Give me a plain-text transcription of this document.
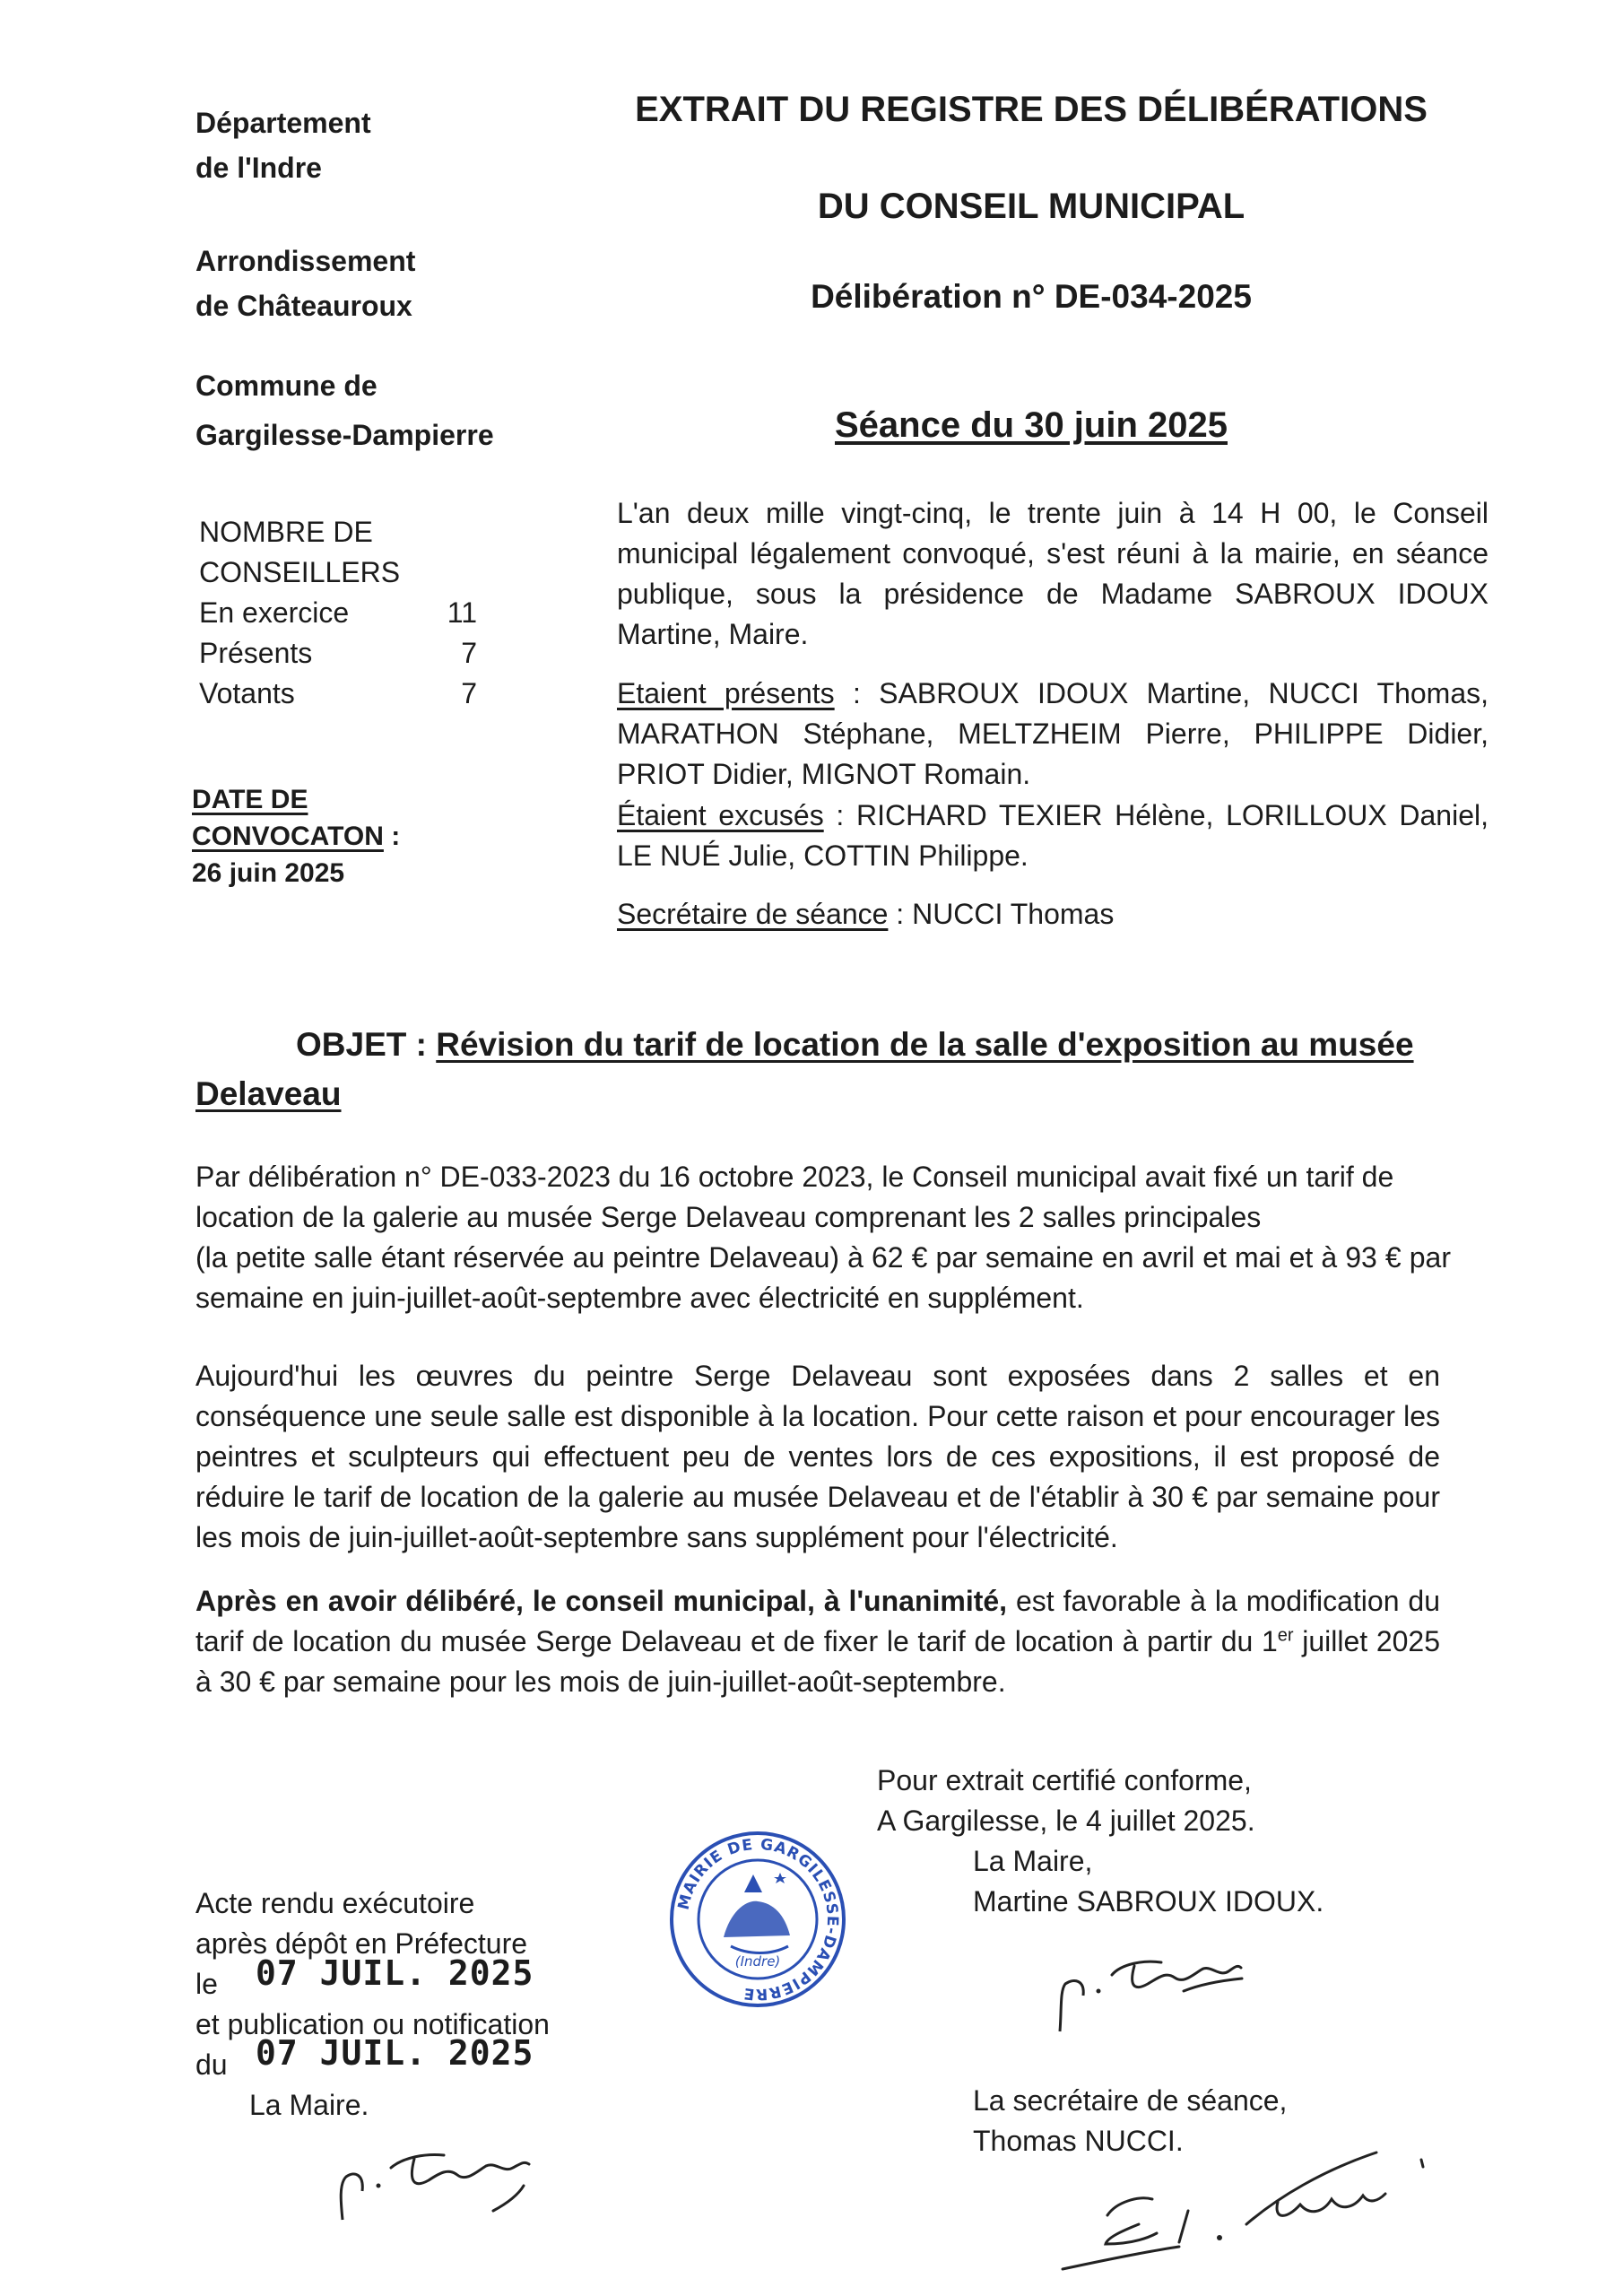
Département
de l'Indre
Arrondissement
de Châteauroux
Commune de
Gargilesse-Dampierre
EXTRAIT DU REGISTRE DES DÉLIBÉRATIONS
DU CONSEIL MUNICIPAL
Délibération n° DE-034-2025
Séance du 30 juin 2025
NOMBRE DE
CONSEILLERS
En exercice	11
Présents	7
Votants	7
DATE DE
CONVOCATON :
26 juin 2025
L'an deux mille vingt-cinq, le trente juin à 14 H 00, le Conseil municipal légalement convoqué, s'est réuni à la mairie, en séance publique, sous la présidence de Madame SABROUX IDOUX Martine, Maire.
Etaient présents : SABROUX IDOUX Martine, NUCCI Thomas, MARATHON Stéphane, MELTZHEIM Pierre, PHILIPPE Didier, PRIOT Didier, MIGNOT Romain.
Étaient excusés : RICHARD TEXIER Hélène, LORILLOUX Daniel, LE NUÉ Julie, COTTIN Philippe.
Secrétaire de séance : NUCCI Thomas
OBJET : Révision du tarif de location de la salle d'exposition au musée Delaveau
Par délibération n° DE-033-2023 du 16 octobre 2023, le Conseil municipal avait fixé un tarif de location de la galerie au musée Serge Delaveau comprenant les 2 salles principales
(la petite salle étant réservée au peintre Delaveau) à 62 € par semaine en avril et mai et à 93 € par semaine en juin-juillet-août-septembre avec électricité en supplément.
Aujourd'hui les œuvres du peintre Serge Delaveau sont exposées dans 2 salles et en conséquence une seule salle est disponible à la location. Pour cette raison et pour encourager les peintres et sculpteurs qui effectuent peu de ventes lors de ces expositions, il est proposé de réduire le tarif de location de la galerie au musée Delaveau et de l'établir à 30 € par semaine pour les mois de juin-juillet-août-septembre sans supplément pour l'électricité.
Après en avoir délibéré, le conseil municipal, à l'unanimité, est favorable à la modification du tarif de location du musée Serge Delaveau et de fixer le tarif de location à partir du 1er juillet 2025 à 30 € par semaine pour les mois de juin-juillet-août-septembre.
Pour extrait certifié conforme,
A Gargilesse, le 4 juillet 2025.
La Maire,
Martine SABROUX IDOUX.
La secrétaire de séance,
Thomas NUCCI.
Acte rendu exécutoire
après dépôt en Préfecture
le 07 JUIL. 2025
et publication ou notification
du 07 JUIL. 2025
La Maire.
MAIRIE DE GARGILESSE-DAMPIERRE
(Indre)
